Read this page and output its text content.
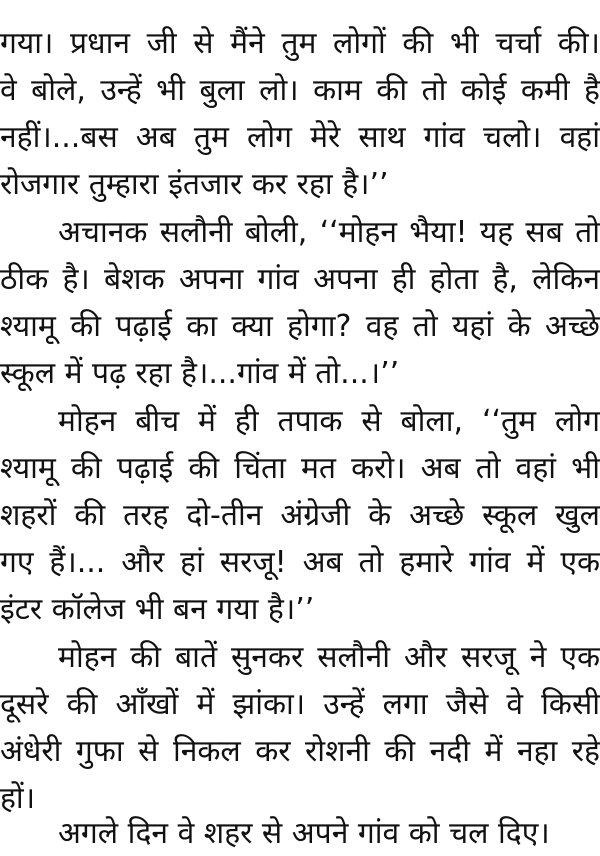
गया। प्रधान जी से मैंने तुम लोगों की भी चर्चा की।
वे बोले, उन्हें भी बुला लो। काम की तो कोई कमी है
नहीं।...बस अब तुम लोग मेरे साथ गांव चलो। वहां
रोजगार तुम्हारा इंतजार कर रहा है।’’
अचानक सलौनी बोली, ‘‘मोहन भैया! यह सब तो
ठीक है। बेशक अपना गांव अपना ही होता है, लेकिन
श्यामू की पढ़ाई का क्या होगा? वह तो यहां के अच्छे
स्कूल में पढ़ रहा है।...गांव में तो...।’’
मोहन बीच में ही तपाक से बोला, ‘‘तुम लोग
श्यामू की पढ़ाई की चिंता मत करो। अब तो वहां भी
शहरों की तरह दो-तीन अंग्रेजी के अच्छे स्कूल खुल
गए हैं।... और हां सरजू! अब तो हमारे गांव में एक
इंटर कॉलेज भी बन गया है।’’
मोहन की बातें सुनकर सलौनी और सरजू ने एक
दूसरे की आँखों में झांका। उन्हें लगा जैसे वे किसी
अंधेरी गुफा से निकल कर रोशनी की नदी में नहा रहे
हों।
अगले दिन वे शहर से अपने गांव को चल दिए।
